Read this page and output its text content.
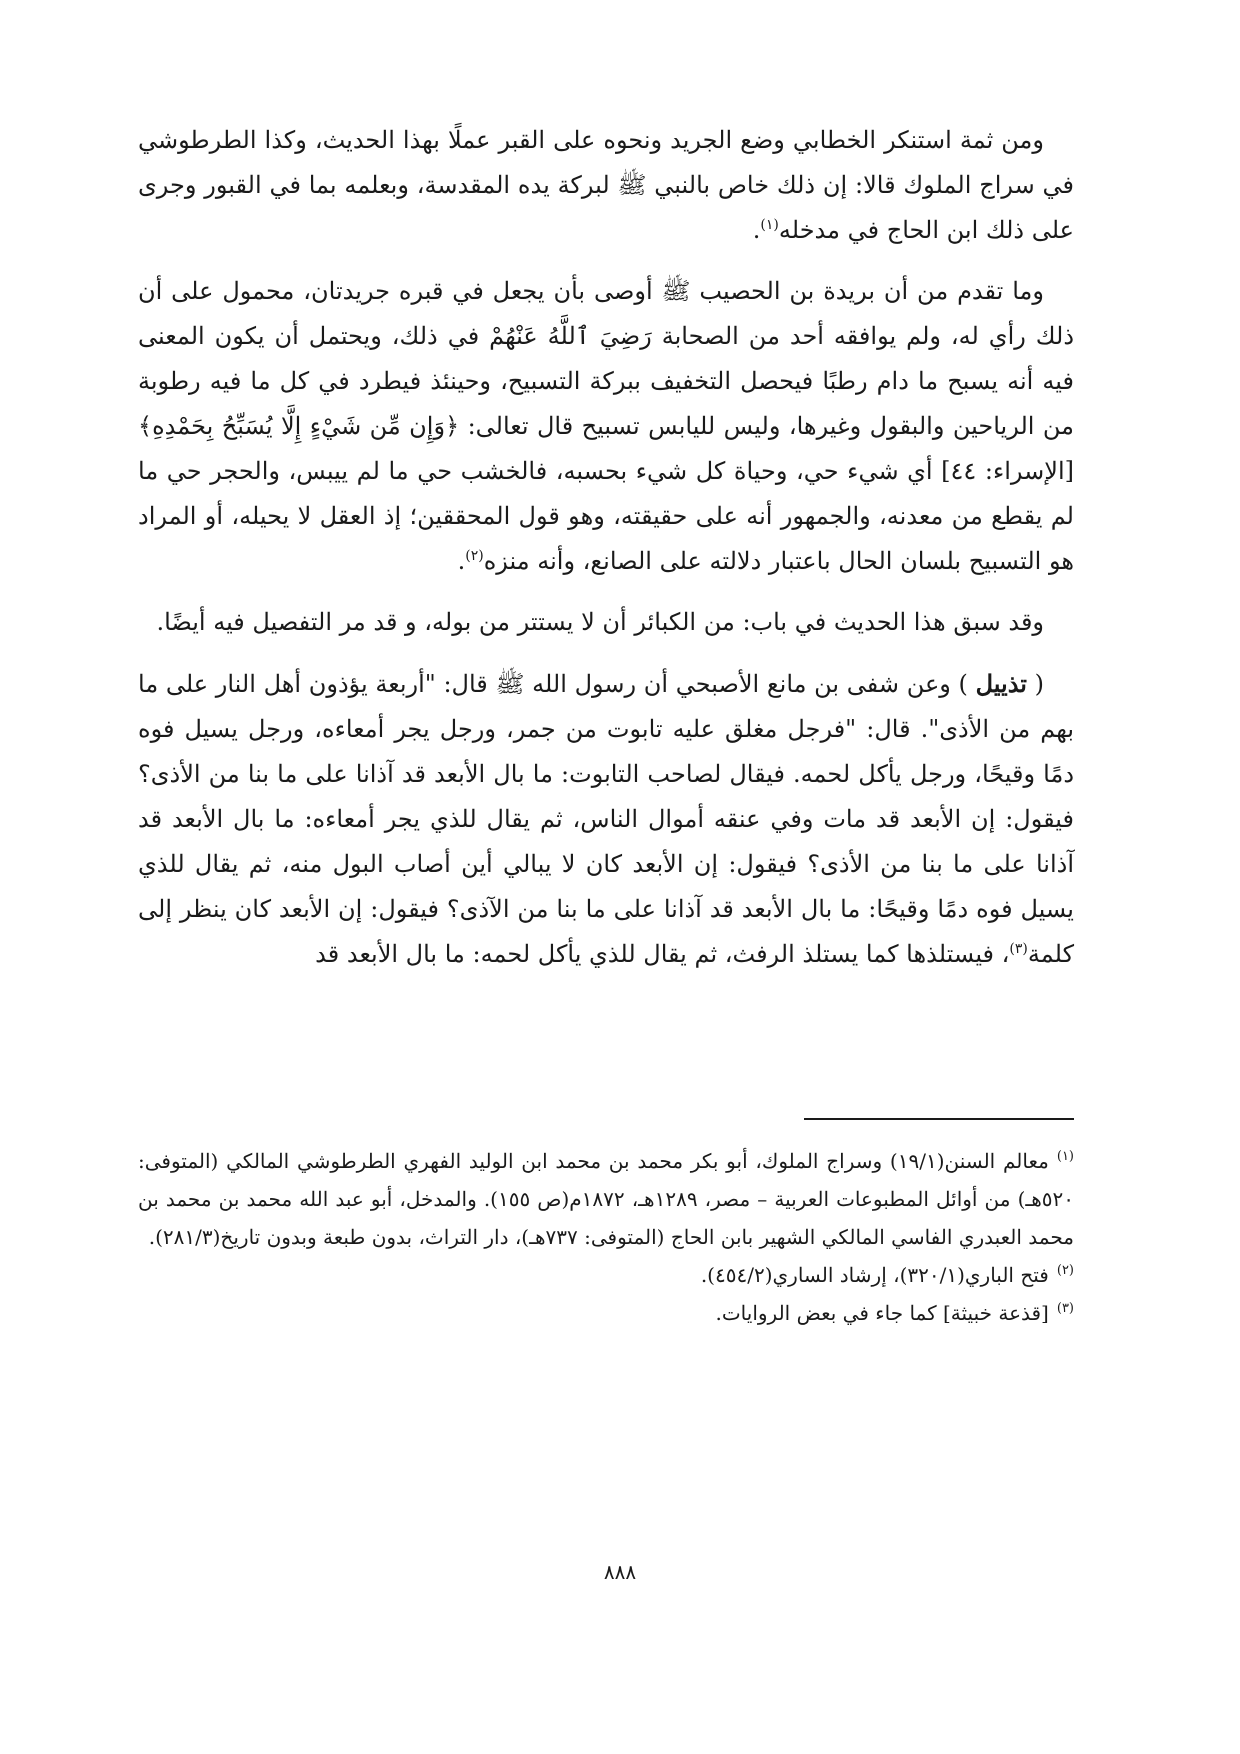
ومن ثمة استنكر الخطابي وضع الجريد ونحوه على القبر عملًا بهذا الحديث، وكذا الطرطوشي في سراج الملوك قالا: إن ذلك خاص بالنبي ﷺ لبركة يده المقدسة، وبعلمه بما في القبور وجرى على ذلك ابن الحاج في مدخله$^{(١)}$.

وما تقدم من أن بريدة بن الحصيب ﷺ أوصى بأن يجعل في قبره جريدتان، محمول على أن ذلك رأي له، ولم يوافقه أحد من الصحابة رَضِيَ ٱللَّهُ عَنْهُمْ في ذلك، ويحتمل أن يكون المعنى فيه أنه يسبح ما دام رطبًا فيحصل التخفيف ببركة التسبيح، وحينئذ فيطرد في كل ما فيه رطوبة من الرياحين والبقول وغيرها، وليس لليابس تسبيح قال تعالى: ﴿وَإِن مِّن شَيْءٍ إِلَّا يُسَبِّحُ بِحَمْدِهِ﴾ [الإسراء: ٤٤] أي شيء حي، وحياة كل شيء بحسبه، فالخشب حي ما لم ييبس، والحجر حي ما لم يقطع من معدنه، والجمهور أنه على حقيقته، وهو قول المحققين؛ إذ العقل لا يحيله، أو المراد هو التسبيح بلسان الحال باعتبار دلالته على الصانع، وأنه منزه$^{(٢)}$.

وقد سبق هذا الحديث في باب: من الكبائر أن لا يستتر من بوله، و قد مر التفصيل فيه أيضًا.

( تذييل ) وعن شفى بن مانع الأصبحي أن رسول الله ﷺ قال: "أربعة يؤذون أهل النار على ما بهم من الأذى". قال: "فرجل مغلق عليه تابوت من جمر، ورجل يجر أمعاءه، ورجل يسيل فوه دمًا وقيحًا، ورجل يأكل لحمه. فيقال لصاحب التابوت: ما بال الأبعد قد آذانا على ما بنا من الأذى؟ فيقول: إن الأبعد قد مات وفي عنقه أموال الناس، ثم يقال للذي يجر أمعاءه: ما بال الأبعد قد آذانا على ما بنا من الأذى؟ فيقول: إن الأبعد كان لا يبالي أين أصاب البول منه، ثم يقال للذي يسيل فوه دمًا وقيحًا: ما بال الأبعد قد آذانا على ما بنا من الآذى؟ فيقول: إن الأبعد كان ينظر إلى كلمة$^{(٣)}$، فيستلذها كما يستلذ الرفث، ثم يقال للذي يأكل لحمه: ما بال الأبعد قد

$^{(١)}$معالم السنن(١٩/١) وسراج الملوك، أبو بكر محمد بن محمد ابن الوليد الفهري الطرطوشي المالكي (المتوفى: ٥٢٠هـ) من أوائل المطبوعات العربية – مصر، ١٢٨٩هـ، ١٨٧٢م(ص ١٥٥). والمدخل، أبو عبد الله محمد بن محمد بن محمد العبدري الفاسي المالكي الشهير بابن الحاج (المتوفى: ٧٣٧هـ)، دار التراث، بدون طبعة وبدون تاريخ(٢٨١/٣).

$^{(٢)}$فتح الباري(٣٢٠/١)، إرشاد الساري(٤٥٤/٢).

$^{(٣)}$[قذعة خبيثة] كما جاء في بعض الروايات.

٨٨٨
